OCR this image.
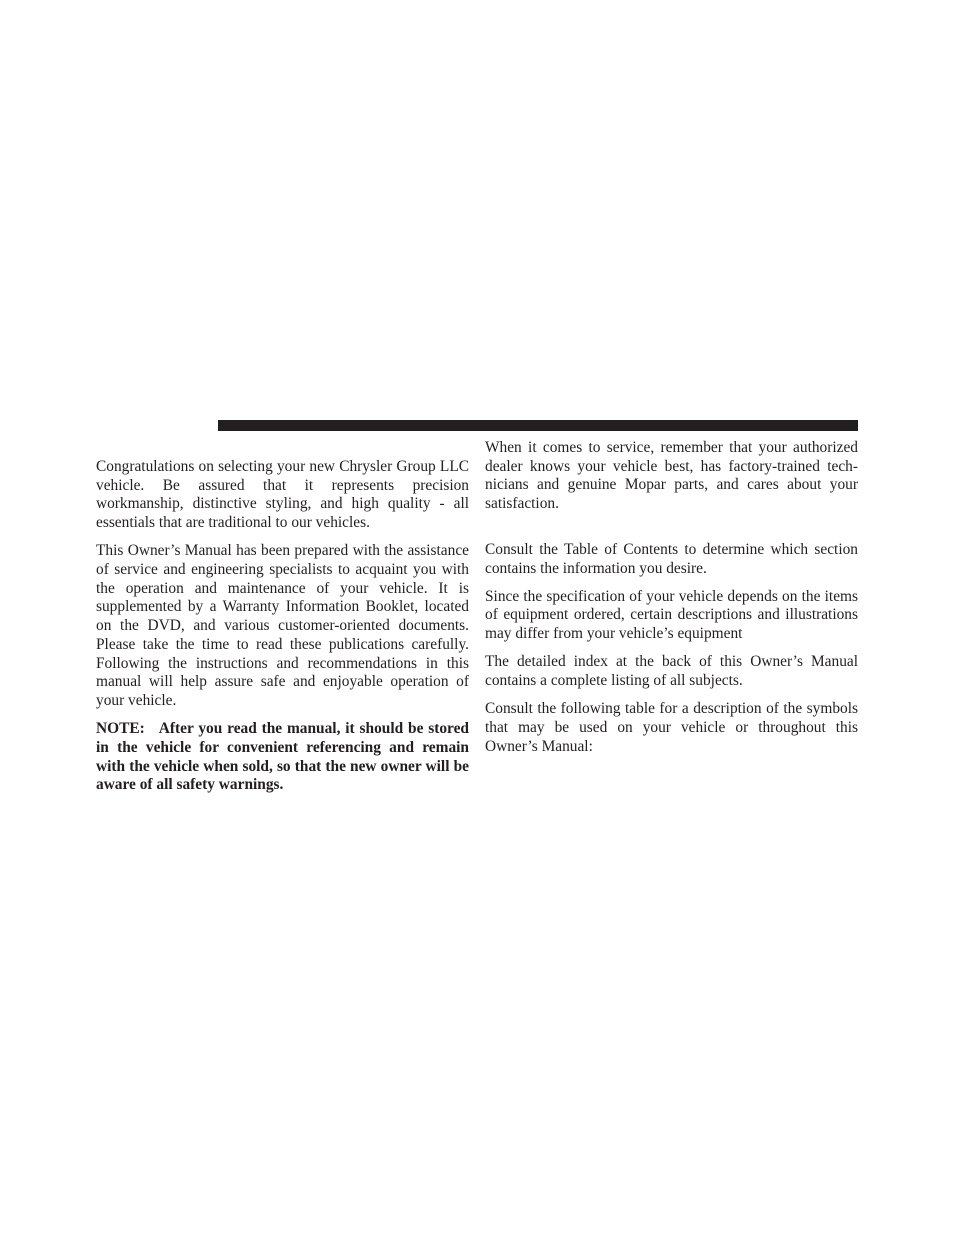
Congratulations on selecting your new Chrysler Group LLC vehicle. Be assured that it represents precision workmanship, distinctive styling, and high quality - all essentials that are traditional to our vehicles.

This Owner’s Manual has been prepared with the assistance of service and engineering specialists to acquaint you with the operation and maintenance of your vehicle. It is supplemented by a Warranty Information Booklet, located on the DVD, and various customer-oriented documents. Please take the time to read these publications carefully. Following the instructions and recommendations in this manual will help assure safe and enjoyable operation of your vehicle.

NOTE: After you read the manual, it should be stored in the vehicle for convenient referencing and remain with the vehicle when sold, so that the new owner will be aware of all safety warnings.

When it comes to service, remember that your authorized dealer knows your vehicle best, has factory-trained technicians and genuine Mopar parts, and cares about your satisfaction.

Consult the Table of Contents to determine which section contains the information you desire.

Since the specification of your vehicle depends on the items of equipment ordered, certain descriptions and illustrations may differ from your vehicle’s equipment

The detailed index at the back of this Owner’s Manual contains a complete listing of all subjects.

Consult the following table for a description of the symbols that may be used on your vehicle or throughout this Owner’s Manual:
